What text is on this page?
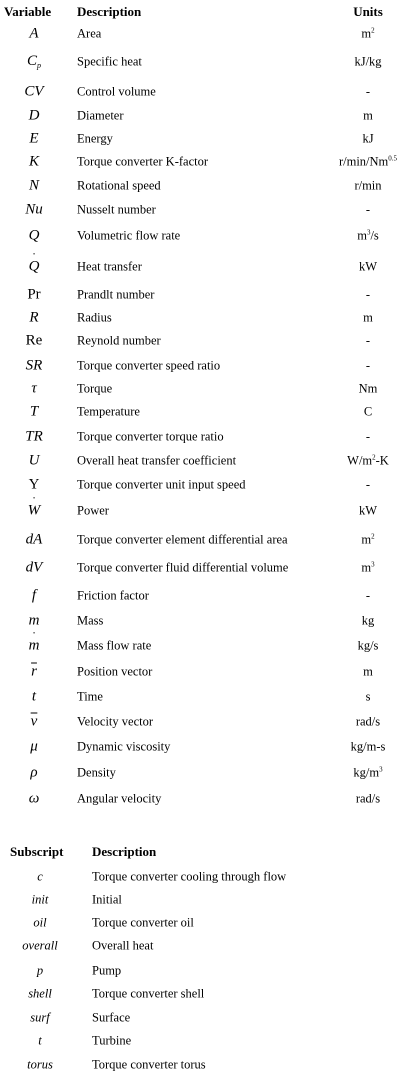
Variable	Description	Units
A	Area	$m^2$
$C_p$	Specific heat	kJ/kg
CV	Control volume	-
D	Diameter	m
E	Energy	kJ
K	Torque converter K-factor	$r/\min/Nm^{0.5}$
N	Rotational speed	r/min
Nu	Nusselt number	-
Q	Volumetric flow rate	$m^3/s$
˙ Q	Heat transfer	kW
Pr	Prandlt number	-
R	Radius	m
Re	Reynold number	-
SR	Torque converter speed ratio	-
τ	Torque	Nm
T	Temperature	C
TR	Torque converter torque ratio	-
U	Overall heat transfer coefficient	$W/m^2-K$
Y	Torque converter unit input speed	-
˙ W	Power	kW
dA	Torque converter element differential area	$m^2$
dV	Torque converter fluid differential volume	$m^3$
f	Friction factor	-
m	Mass	kg
˙ m	Mass flow rate	kg/s
$\overline{r}$	Position vector	m
t	Time	s
$\overline{v}$	Velocity vector	rad/s
μ	Dynamic viscosity	kg/m-s
ρ	Density	$kg/m^3$
ω	Angular velocity	rad/s
Subscript	Description
c	Torque converter cooling through flow
init	Initial
oil	Torque converter oil
overall	Overall heat
p	Pump
shell	Torque converter shell
surf	Surface
t	Turbine
torus	Torque converter torus
